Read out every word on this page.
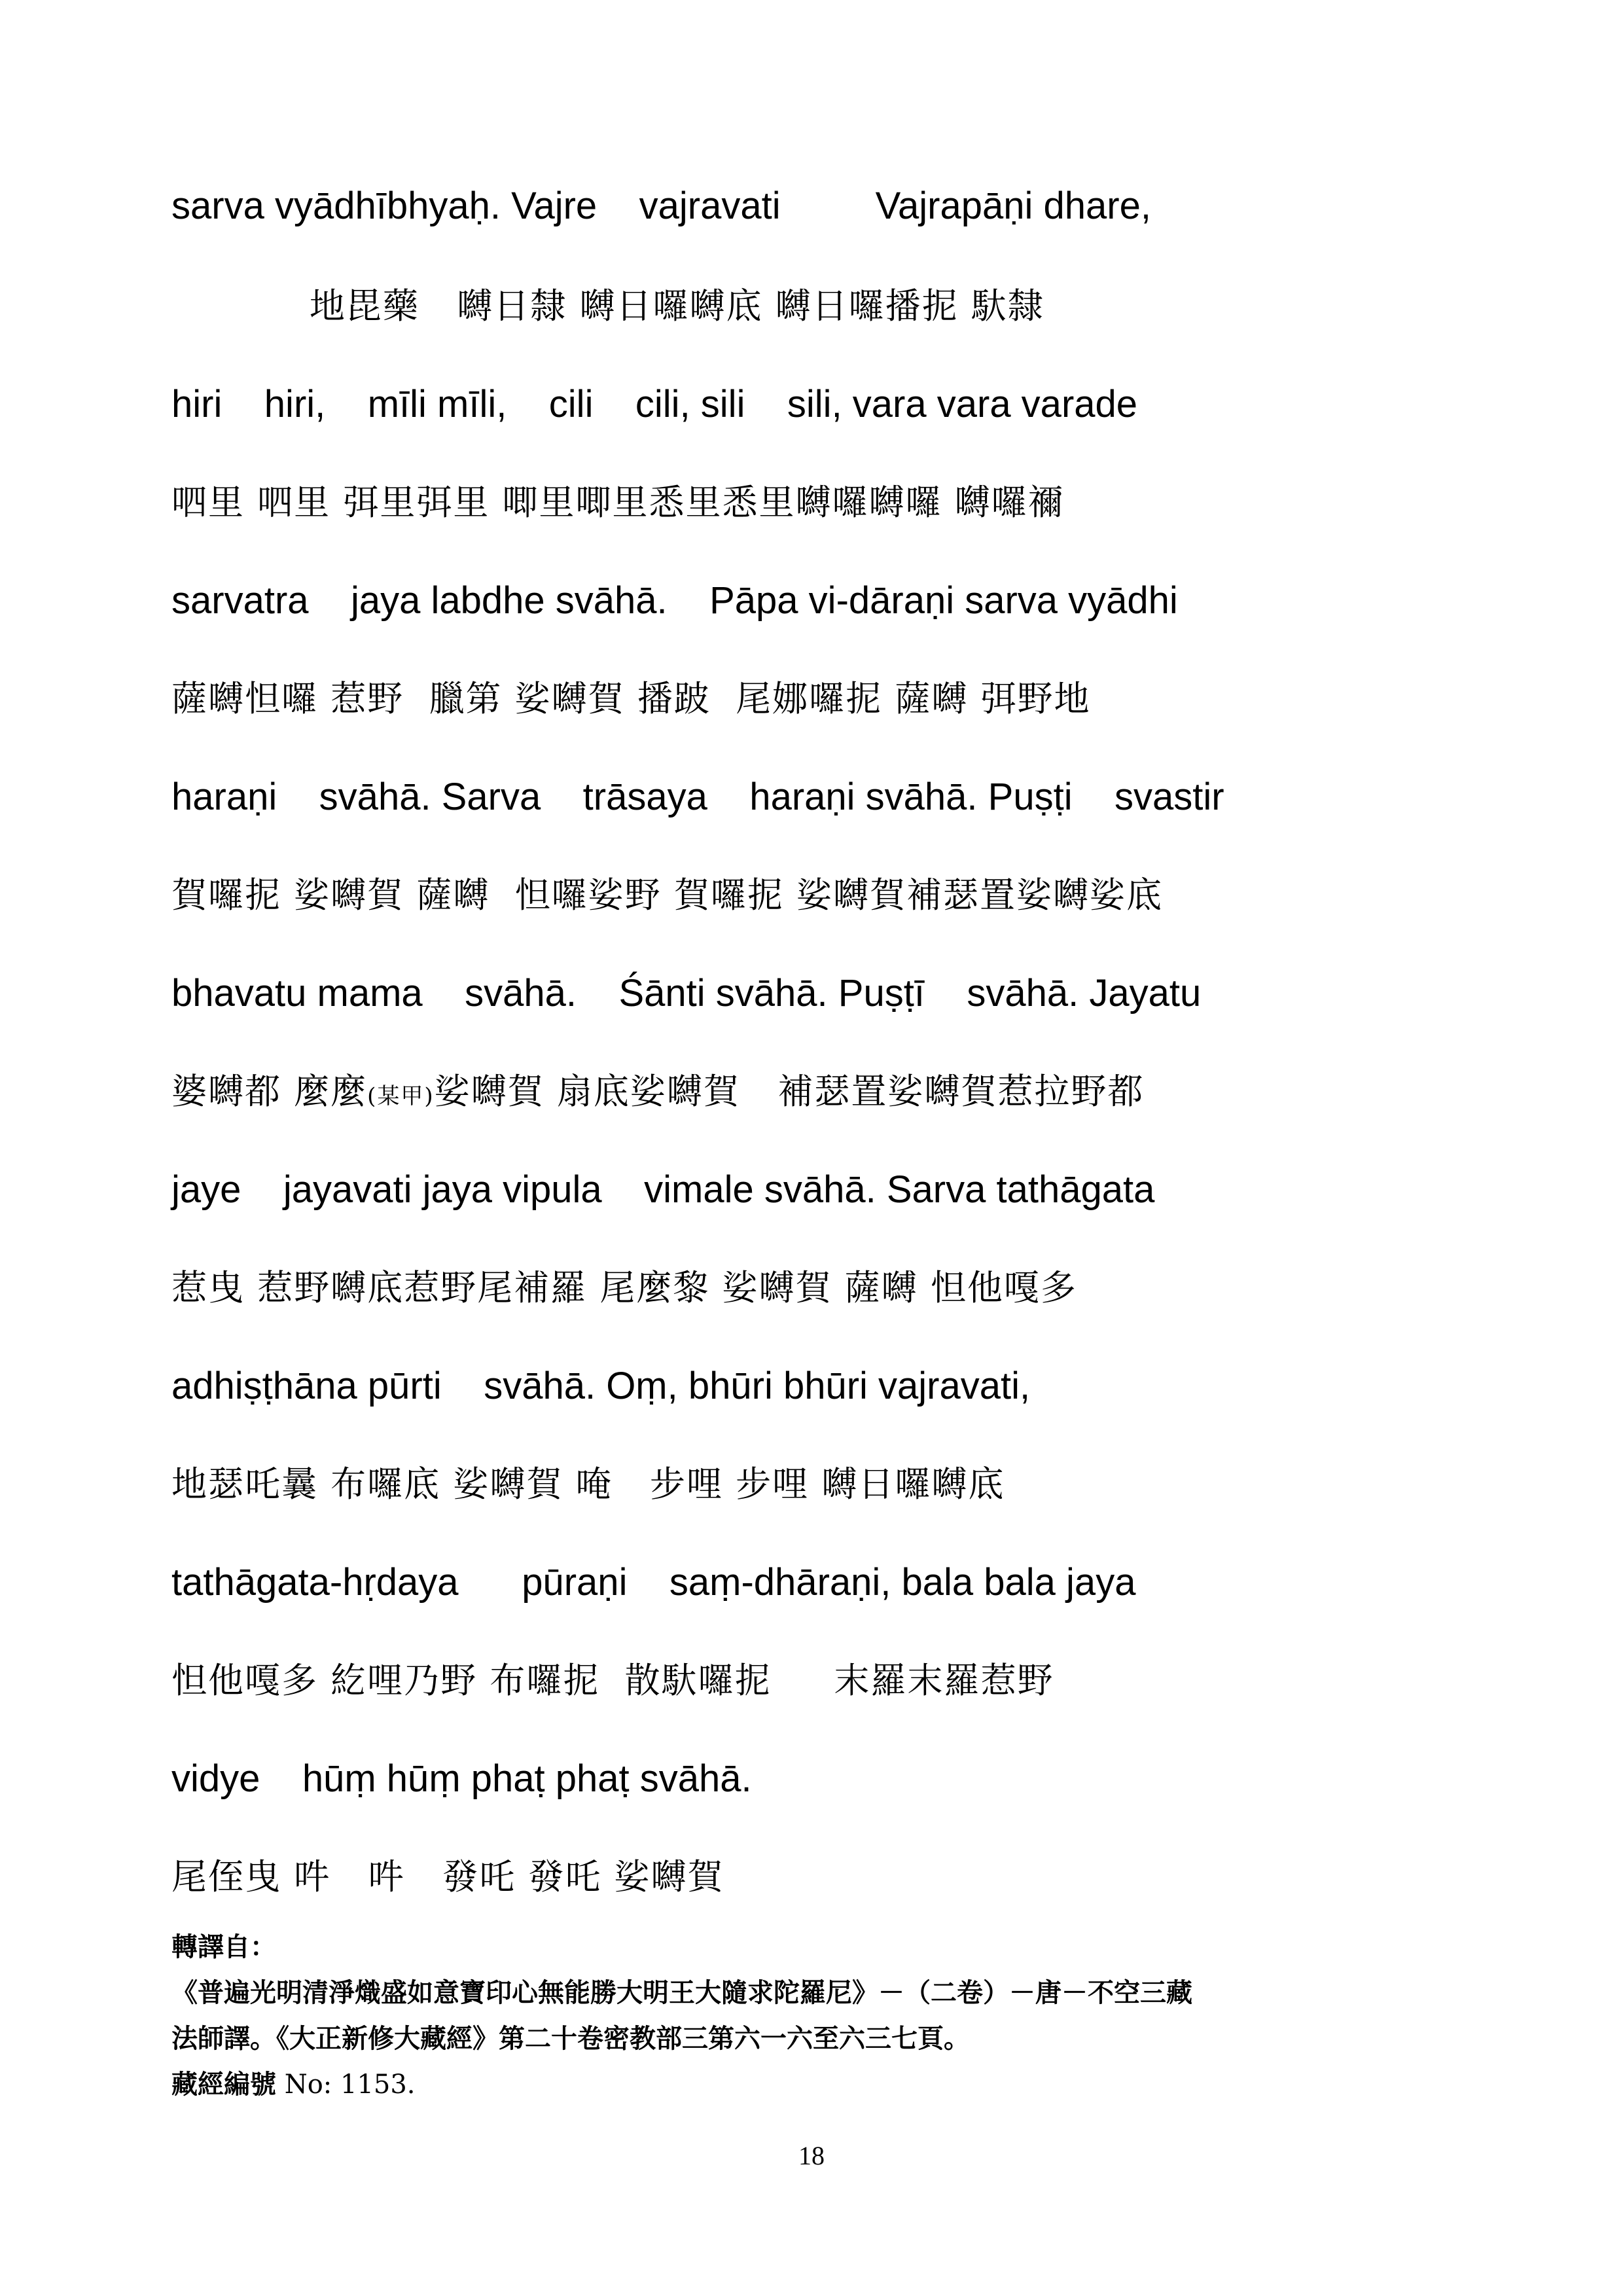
sarva vyādhībhyaḥ. Vajre    vajravati         Vajrapāṇi dhare,
地毘藥   嚩日隸 嚩日囉嚩底 嚩日囉播抳 馱隸
hiri    hiri,    mīli mīli,    cili    cili, sili    sili, vara vara varade
呬里 呬里 弭里弭里 唧里唧里悉里悉里嚩囉嚩囉 嚩囉禰
sarvatra    jaya labdhe svāhā.    Pāpa vi-dāraṇi sarva vyādhi
薩嚩怛囉 惹野  臘第 娑嚩賀 播跛  尾娜囉抳 薩嚩 弭野地
haraṇi    svāhā. Sarva    trāsaya    haraṇi svāhā. Puṣṭi    svastir
賀囉抳 娑嚩賀 薩嚩  怛囉娑野 賀囉抳 娑嚩賀補瑟置娑嚩娑底
bhavatu mama    svāhā.    Śānti svāhā. Puṣṭī    svāhā. Jayatu
婆嚩都 麼麼(某甲)娑嚩賀 扇底娑嚩賀   補瑟置娑嚩賀惹拉野都
jaye    jayavati jaya vipula    vimale svāhā. Sarva tathāgata
惹曳 惹野嚩底惹野尾補羅 尾麼黎 娑嚩賀 薩嚩 怛他嘎多
adhiṣṭhāna pūrti    svāhā. Oṃ, bhūri bhūri vajravati,
地瑟吒曩 布囉底 娑嚩賀 唵   步哩 步哩 嚩日囉嚩底
tathāgata-hṛdaya      pūraṇi    saṃ-dhāraṇi, bala bala jaya
怛他嘎多 紇哩乃野 布囉抳  散馱囉抳     末羅末羅惹野
vidye    hūṃ hūṃ phaṭ phaṭ svāhā.
尾侄曳 吽   吽   發吒 發吒 娑嚩賀
轉譯自：
《普遍光明清淨熾盛如意寶印心無能勝大明王大隨求陀羅尼》－（二卷）－唐－不空三藏
法師譯。《大正新修大藏經》第二十卷密教部三第六一六至六三七頁。
藏經編號 No: 1153.
18
